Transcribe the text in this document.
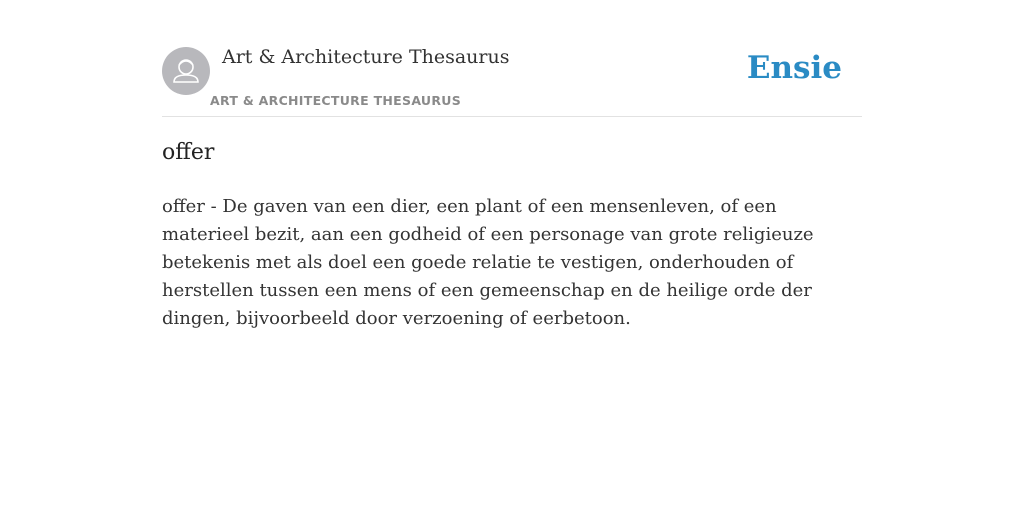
Art & Architecture Thesaurus
ART & ARCHITECTURE THESAURUS
Ensie
offer

offer - De gaven van een dier, een plant of een mensenleven, of een materieel bezit, aan een godheid of een personage van grote religieuze betekenis met als doel een goede relatie te vestigen, onderhouden of herstellen tussen een mens of een gemeenschap en de heilige orde der dingen, bijvoorbeeld door verzoening of eerbetoon.
